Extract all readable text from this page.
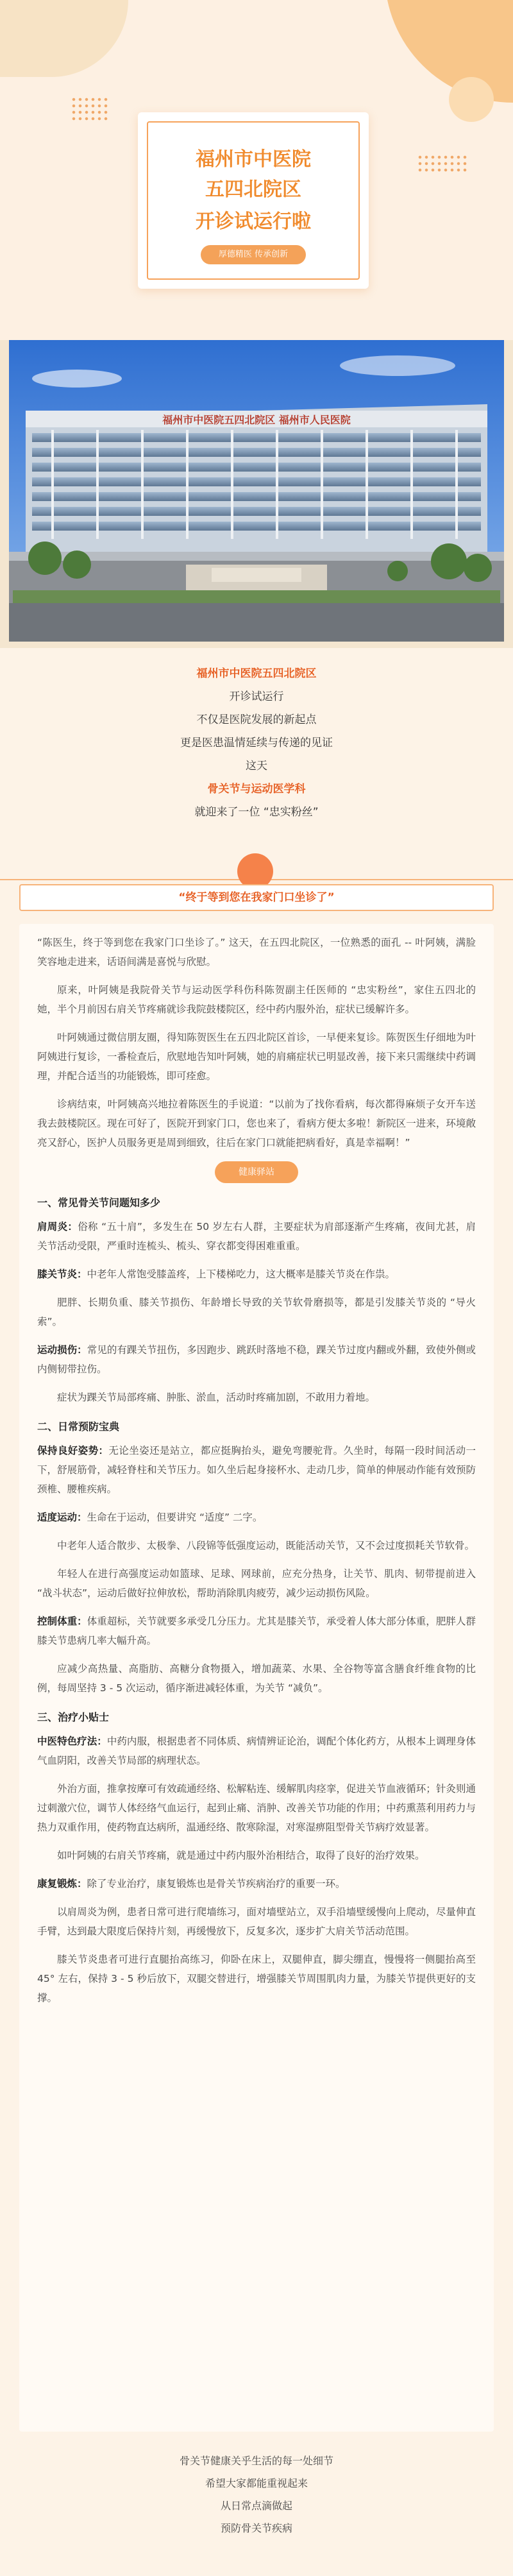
福州市中医院
五四北院区
开诊试运行啦
厚德精医 传承创新
福州市中医院五四北院区 福州市人民医院

福州市中医院五四北院区

开诊试运行

不仅是医院发展的新起点

更是医患温情延续与传递的见证

这天

骨关节与运动医学科

就迎来了一位 “忠实粉丝”

“终于等到您在我家门口坐诊了”

“陈医生，终于等到您在我家门口坐诊了。” 这天，在五四北院区，一位熟悉的面孔 -- 叶阿姨，满脸笑容地走进来，话语间满是喜悦与欣慰。

原来，叶阿姨是我院骨关节与运动医学科伤科陈贺副主任医师的 “忠实粉丝”，家住五四北的她，半个月前因右肩关节疼痛就诊我院鼓楼院区，经中药内服外治，症状已缓解许多。

叶阿姨通过微信朋友圈，得知陈贺医生在五四北院区首诊，一早便来复诊。陈贺医生仔细地为叶阿姨进行复诊，一番检查后，欣慰地告知叶阿姨，她的肩痛症状已明显改善，接下来只需继续中药调理，并配合适当的功能锻炼，即可痊愈。

诊病结束，叶阿姨高兴地拉着陈医生的手说道：“以前为了找你看病，每次都得麻烦子女开车送我去鼓楼院区。现在可好了，医院开到家门口，您也来了，看病方便太多啦！新院区一进来，环境敞亮又舒心，医护人员服务更是周到细致，往后在家门口就能把病看好，真是幸福啊！”

健康驿站
一、常见骨关节问题知多少

肩周炎：俗称 “五十肩”，多发生在 50 岁左右人群，主要症状为肩部逐渐产生疼痛，夜间尤甚，肩关节活动受限，严重时连梳头、梳头、穿衣都变得困难重重。

膝关节炎：中老年人常饱受膝盖疼，上下楼梯吃力，这大概率是膝关节炎在作祟。

肥胖、长期负重、膝关节损伤、年龄增长导致的关节软骨磨损等，都是引发膝关节炎的 “导火索”。

运动损伤：常见的有踝关节扭伤，多因跑步、跳跃时落地不稳，踝关节过度内翻或外翻，致使外侧或内侧韧带拉伤。

症状为踝关节局部疼痛、肿胀、淤血，活动时疼痛加剧，不敢用力着地。

二、日常预防宝典

保持良好姿势：无论坐姿还是站立，都应挺胸抬头，避免弯腰驼背。久坐时，每隔一段时间活动一下，舒展筋骨，减轻脊柱和关节压力。如久坐后起身接杯水、走动几步，简单的伸展动作能有效预防颈椎、腰椎疾病。

适度运动：生命在于运动，但要讲究 “适度” 二字。

中老年人适合散步、太极拳、八段锦等低强度运动，既能活动关节，又不会过度损耗关节软骨。

年轻人在进行高强度运动如篮球、足球、网球前，应充分热身，让关节、肌肉、韧带提前进入 “战斗状态”，运动后做好拉伸放松，帮助消除肌肉疲劳，减少运动损伤风险。

控制体重：体重超标，关节就要多承受几分压力。尤其是膝关节，承受着人体大部分体重，肥胖人群膝关节患病几率大幅升高。

应减少高热量、高脂肪、高糖分食物摄入，增加蔬菜、水果、全谷物等富含膳食纤维食物的比例，每周坚持 3 - 5 次运动，循序渐进减轻体重，为关节 “减负”。

三、治疗小贴士

中医特色疗法：中药内服，根据患者不同体质、病情辨证论治，调配个体化药方，从根本上调理身体气血阴阳，改善关节局部的病理状态。

外治方面，推拿按摩可有效疏通经络、松解粘连、缓解肌肉痉挛，促进关节血液循环；针灸则通过刺激穴位，调节人体经络气血运行，起到止痛、消肿、改善关节功能的作用；中药熏蒸利用药力与热力双重作用，使药物直达病所，温通经络、散寒除湿，对寒湿痹阻型骨关节病疗效显著。

如叶阿姨的右肩关节疼痛，就是通过中药内服外治相结合，取得了良好的治疗效果。

康复锻炼：除了专业治疗，康复锻炼也是骨关节疾病治疗的重要一环。

以肩周炎为例，患者日常可进行爬墙练习，面对墙壁站立，双手沿墙壁缓慢向上爬动，尽量伸直手臂，达到最大限度后保持片刻，再缓慢放下，反复多次，逐步扩大肩关节活动范围。

膝关节炎患者可进行直腿抬高练习，仰卧在床上，双腿伸直，脚尖绷直，慢慢将一侧腿抬高至 45° 左右，保持 3 - 5 秒后放下，双腿交替进行，增强膝关节周围肌肉力量，为膝关节提供更好的支撑。

骨关节健康关乎生活的每一处细节

希望大家都能重视起来

从日常点滴做起

预防骨关节疾病
